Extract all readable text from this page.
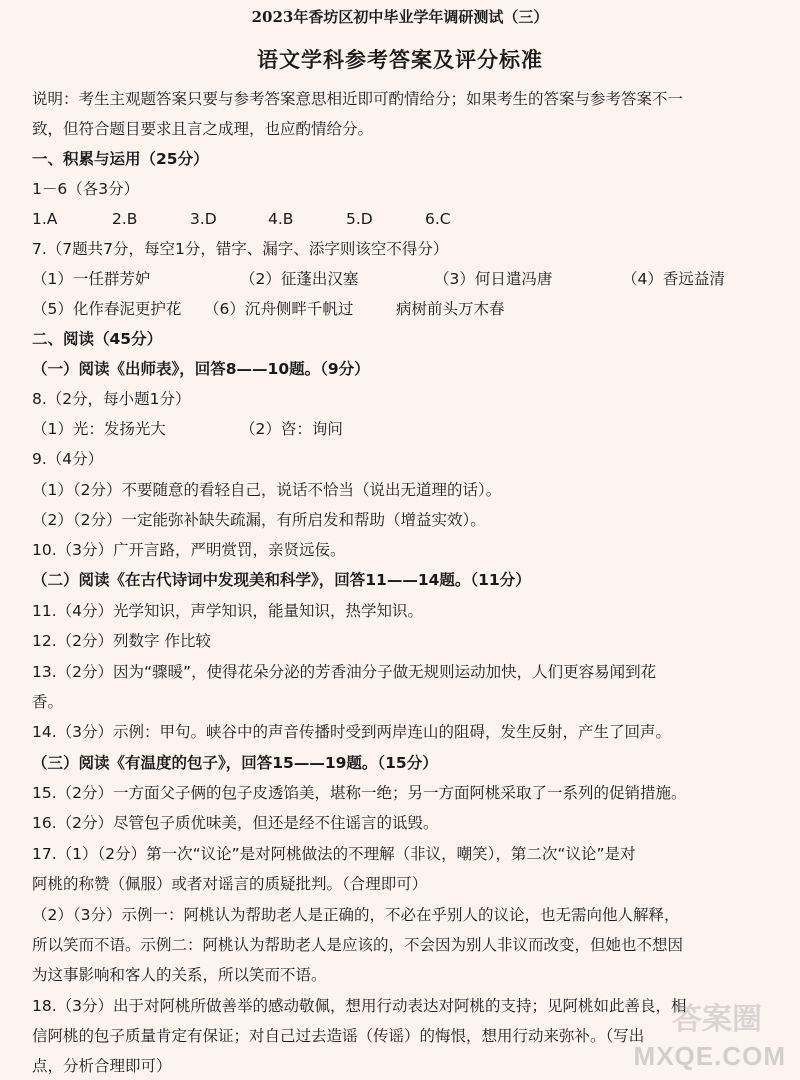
2023年香坊区初中毕业学年调研测试（三）
语文学科参考答案及评分标准
说明：考生主观题答案只要与参考答案意思相近即可酌情给分；如果考生的答案与参考答案不一
致，但符合题目要求且言之成理，也应酌情给分。
一、积累与运用（25分）
1－6（各3分）
1.A	2.B	3.D	4.B	5.D	6.C
7.（7题共7分，每空1分，错字、漏字、添字则该空不得分）
（1）一任群芳妒	（2）征蓬出汉塞	（3）何日遣冯唐	（4）香远益清
（5）化作春泥更护花 （6）沉舟侧畔千帆过	病树前头万木春
二、阅读（45分）
（一）阅读《出师表》，回答8——10题。（9分）
8.（2分，每小题1分）
（1）光：发扬光大	（2）咨：询问
9.（4分）
（1）（2分）不要随意的看轻自己，说话不恰当（说出无道理的话）。
（2）（2分）一定能弥补缺失疏漏，有所启发和帮助（增益实效）。
10.（3分）广开言路，严明赏罚，亲贤远佞。
（二）阅读《在古代诗词中发现美和科学》，回答11——14题。（11分）
11.（4分）光学知识，声学知识，能量知识，热学知识。
12.（2分）列数字 作比较
13.（2分）因为“骤暖”，使得花朵分泌的芳香油分子做无规则运动加快，人们更容易闻到花
香。
14.（3分）示例：甲句。峡谷中的声音传播时受到两岸连山的阻碍，发生反射，产生了回声。
（三）阅读《有温度的包子》，回答15——19题。（15分）
15.（2分）一方面父子俩的包子皮透馅美，堪称一绝；另一方面阿桃采取了一系列的促销措施。
16.（2分）尽管包子质优味美，但还是经不住谣言的诋毁。
17.（1）（2分）第一次“议论”是对阿桃做法的不理解（非议，嘲笑），第二次“议论”是对
阿桃的称赞（佩服）或者对谣言的质疑批判。（合理即可）
（2）（3分）示例一：阿桃认为帮助老人是正确的，不必在乎别人的议论，也无需向他人解释，
所以笑而不语。示例二：阿桃认为帮助老人是应该的，不会因为别人非议而改变，但她也不想因
为这事影响和客人的关系，所以笑而不语。
18.（3分）出于对阿桃所做善举的感动敬佩，想用行动表达对阿桃的支持；见阿桃如此善良，相
信阿桃的包子质量肯定有保证；对自己过去造谣（传谣）的悔恨，想用行动来弥补。（写出
点，分析合理即可）
答案圈
MXQE.COM
